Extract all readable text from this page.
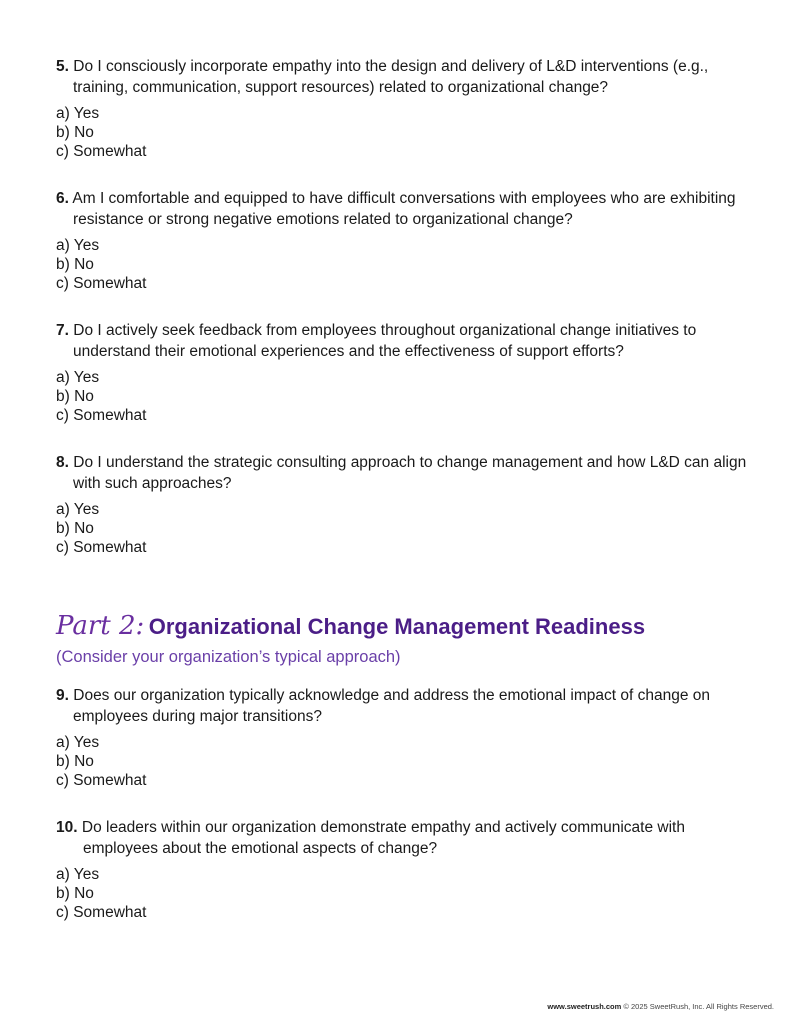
5. Do I consciously incorporate empathy into the design and delivery of L&D interventions (e.g., training, communication, support resources) related to organizational change?

a) Yes
b) No
c) Somewhat

6. Am I comfortable and equipped to have difficult conversations with employees who are exhibiting resistance or strong negative emotions related to organizational change?

a) Yes
b) No
c) Somewhat

7. Do I actively seek feedback from employees throughout organizational change initiatives to understand their emotional experiences and the effectiveness of support efforts?

a) Yes
b) No
c) Somewhat

8. Do I understand the strategic consulting approach to change management and how L&D can align with such approaches?

a) Yes
b) No
c) Somewhat

Part 2: Organizational Change Management Readiness

(Consider your organization’s typical approach)

9. Does our organization typically acknowledge and address the emotional impact of change on employees during major transitions?

a) Yes
b) No
c) Somewhat

10. Do leaders within our organization demonstrate empathy and actively communicate with employees about the emotional aspects of change?

a) Yes
b) No
c) Somewhat
www.sweetrush.com © 2025 SweetRush, Inc. All Rights Reserved.
